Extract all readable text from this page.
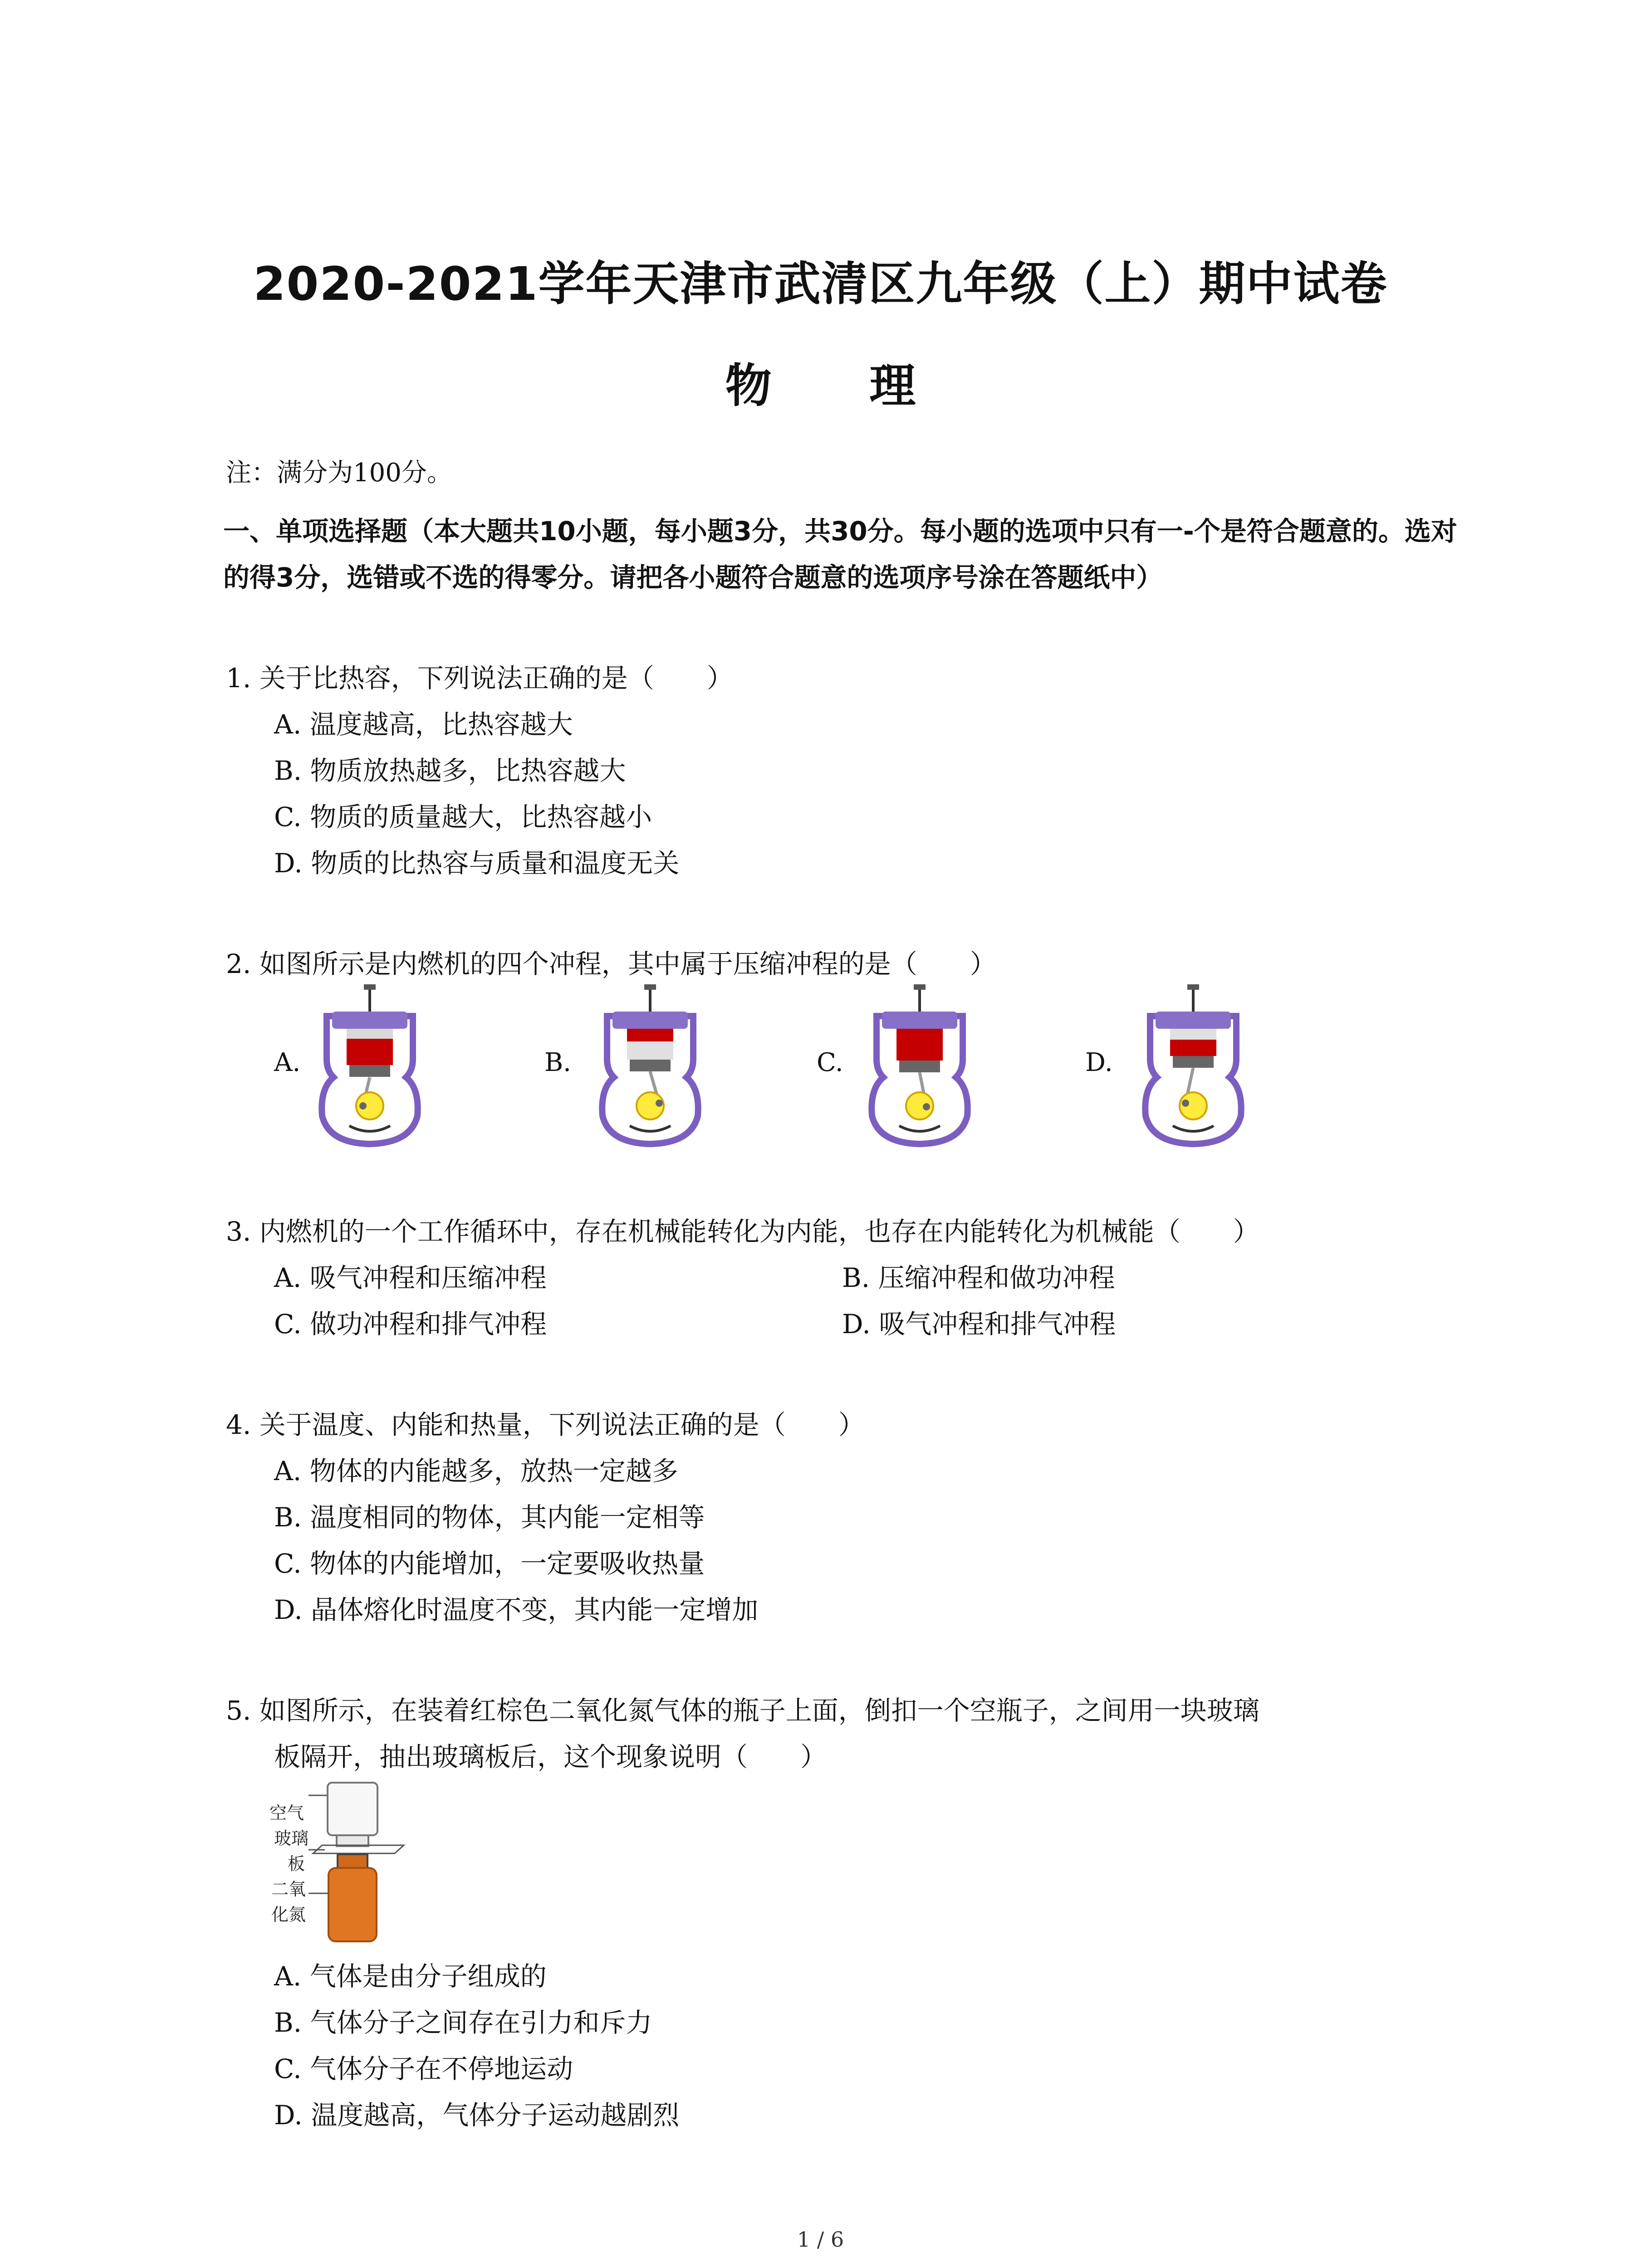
2020-2021学年天津市武清区九年级（上）期中试卷
物 理

注：满分为100分。

一、单项选择题（本大题共10小题，每小题3分，共30分。每小题的选项中只有一-个是符合题意的。选对的得3分，选错或不选的得零分。请把各小题符合题意的选项序号涂在答题纸中）

1. 关于比热容，下列说法正确的是（　　）

A. 温度越高，比热容越大

B. 物质放热越多，比热容越大

C. 物质的质量越大，比热容越小

D. 物质的比热容与质量和温度无关

2. 如图所示是内燃机的四个冲程，其中属于压缩冲程的是（　　）

A.	B.	C.	D.

3. 内燃机的一个工作循环中，存在机械能转化为内能，也存在内能转化为机械能（　　）

A. 吸气冲程和压缩冲程	B. 压缩冲程和做功冲程

C. 做功冲程和排气冲程	D. 吸气冲程和排气冲程

4. 关于温度、内能和热量，下列说法正确的是（　　）

A. 物体的内能越多，放热一定越多

B. 温度相同的物体，其内能一定相等

C. 物体的内能增加，一定要吸收热量

D. 晶体熔化时温度不变，其内能一定增加

5. 如图所示，在装着红棕色二氧化氮气体的瓶子上面，倒扣一个空瓶子，之间用一块玻璃

板隔开，抽出玻璃板后，这个现象说明（　　）

空气
玻璃
板
二氧
化氮

A. 气体是由分子组成的

B. 气体分子之间存在引力和斥力

C. 气体分子在不停地运动

D. 温度越高，气体分子运动越剧烈

1 / 6
